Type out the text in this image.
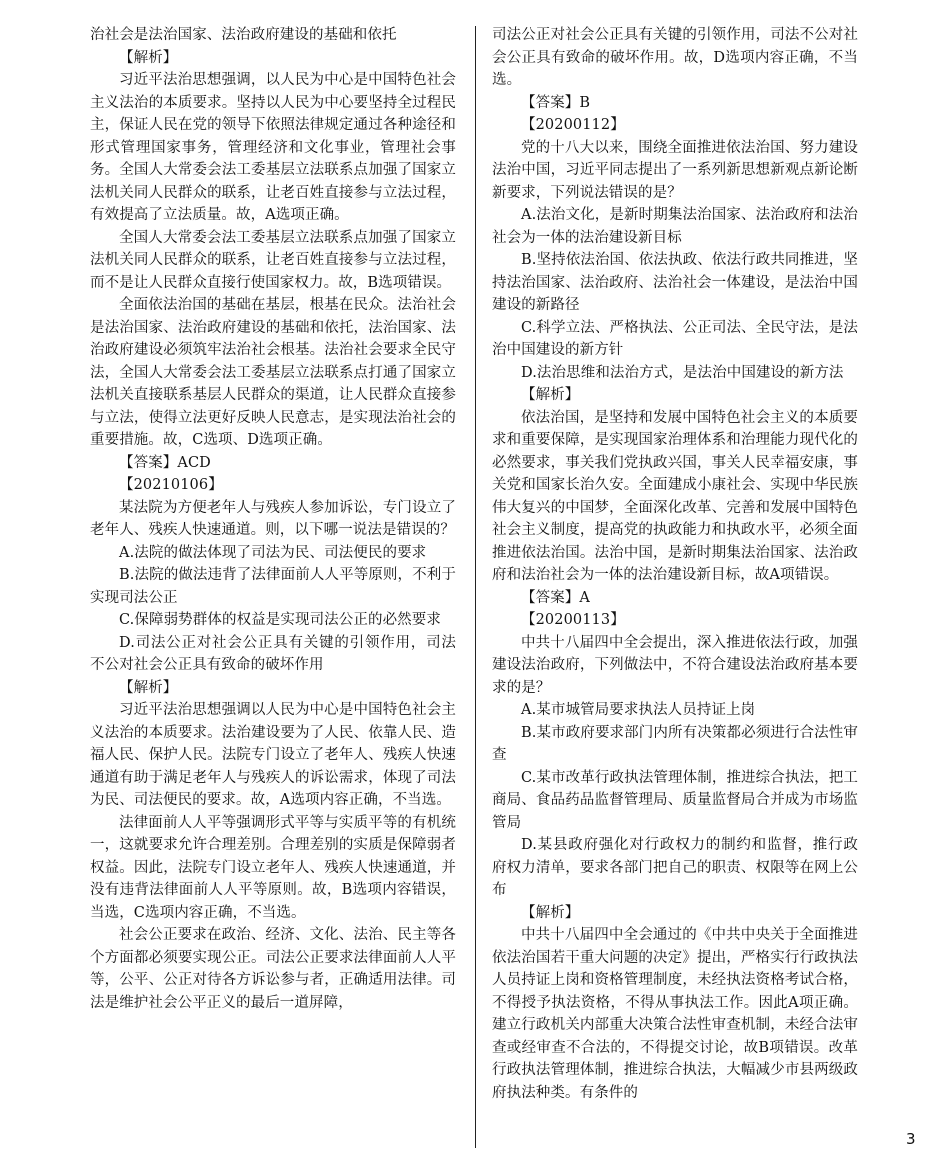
治社会是法治国家、法治政府建设的基础和依托

【解析】

习近平法治思想强调，以人民为中心是中国特色社会主义法治的本质要求。坚持以人民为中心要坚持全过程民主，保证人民在党的领导下依照法律规定通过各种途径和形式管理国家事务，管理经济和文化事业，管理社会事务。全国人大常委会法工委基层立法联系点加强了国家立法机关同人民群众的联系，让老百姓直接参与立法过程，有效提高了立法质量。故，A选项正确。

全国人大常委会法工委基层立法联系点加强了国家立法机关同人民群众的联系，让老百姓直接参与立法过程，而不是让人民群众直接行使国家权力。故，B选项错误。

全面依法治国的基础在基层，根基在民众。法治社会是法治国家、法治政府建设的基础和依托，法治国家、法治政府建设必须筑牢法治社会根基。法治社会要求全民守法，全国人大常委会法工委基层立法联系点打通了国家立法机关直接联系基层人民群众的渠道，让人民群众直接参与立法，使得立法更好反映人民意志，是实现法治社会的重要措施。故，C选项、D选项正确。

【答案】ACD

【20210106】

某法院为方便老年人与残疾人参加诉讼，专门设立了老年人、残疾人快速通道。则，以下哪一说法是错误的？

A.法院的做法体现了司法为民、司法便民的要求

B.法院的做法违背了法律面前人人平等原则，不利于实现司法公正

C.保障弱势群体的权益是实现司法公正的必然要求

D.司法公正对社会公正具有关键的引领作用，司法不公对社会公正具有致命的破坏作用

【解析】

习近平法治思想强调以人民为中心是中国特色社会主义法治的本质要求。法治建设要为了人民、依靠人民、造福人民、保护人民。法院专门设立了老年人、残疾人快速通道有助于满足老年人与残疾人的诉讼需求，体现了司法为民、司法便民的要求。故，A选项内容正确，不当选。

法律面前人人平等强调形式平等与实质平等的有机统一，这就要求允许合理差别。合理差别的实质是保障弱者权益。因此，法院专门设立老年人、残疾人快速通道，并没有违背法律面前人人平等原则。故，B选项内容错误，当选，C选项内容正确，不当选。

社会公正要求在政治、经济、文化、法治、民主等各个方面都必须要实现公正。司法公正要求法律面前人人平等，公平、公正对待各方诉讼参与者，正确适用法律。司法是维护社会公平正义的最后一道屏障，

司法公正对社会公正具有关键的引领作用，司法不公对社会公正具有致命的破坏作用。故，D选项内容正确，不当选。

【答案】B

【20200112】

党的十八大以来，围绕全面推进依法治国、努力建设法治中国，习近平同志提出了一系列新思想新观点新论断新要求，下列说法错误的是？

A.法治文化，是新时期集法治国家、法治政府和法治社会为一体的法治建设新目标

B.坚持依法治国、依法执政、依法行政共同推进，坚持法治国家、法治政府、法治社会一体建设，是法治中国建设的新路径

C.科学立法、严格执法、公正司法、全民守法，是法治中国建设的新方针

D.法治思维和法治方式，是法治中国建设的新方法

【解析】

依法治国，是坚持和发展中国特色社会主义的本质要求和重要保障，是实现国家治理体系和治理能力现代化的必然要求，事关我们党执政兴国，事关人民幸福安康，事关党和国家长治久安。全面建成小康社会、实现中华民族伟大复兴的中国梦，全面深化改革、完善和发展中国特色社会主义制度，提高党的执政能力和执政水平，必须全面推进依法治国。法治中国，是新时期集法治国家、法治政府和法治社会为一体的法治建设新目标，故A项错误。

【答案】A

【20200113】

中共十八届四中全会提出，深入推进依法行政，加强建设法治政府，下列做法中，不符合建设法治政府基本要求的是？

A.某市城管局要求执法人员持证上岗

B.某市政府要求部门内所有决策都必须进行合法性审查

C.某市改革行政执法管理体制，推进综合执法，把工商局、食品药品监督管理局、质量监督局合并成为市场监管局

D.某县政府强化对行政权力的制约和监督，推行政府权力清单，要求各部门把自己的职责、权限等在网上公布

【解析】

中共十八届四中全会通过的《中共中央关于全面推进依法治国若干重大问题的决定》提出，严格实行行政执法人员持证上岗和资格管理制度，未经执法资格考试合格，不得授予执法资格，不得从事执法工作。因此A项正确。建立行政机关内部重大决策合法性审查机制，未经合法审查或经审查不合法的，不得提交讨论，故B项错误。改革行政执法管理体制，推进综合执法，大幅减少市县两级政府执法种类。有条件的

3
